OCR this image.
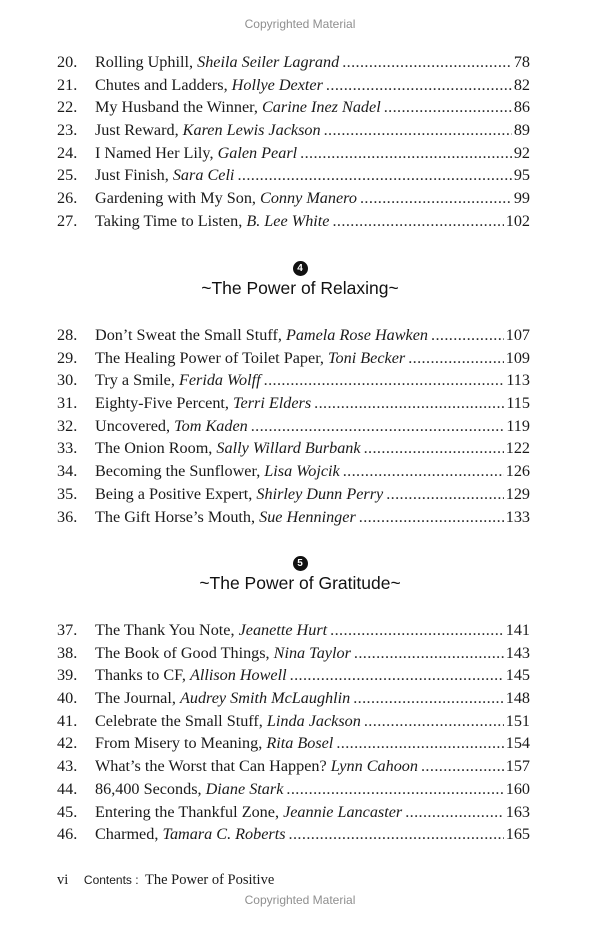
Copyrighted Material
20.	Rolling Uphill, Sheila Seiler Lagrand .....	78
21.	Chutes and Ladders, Hollye Dexter .....	82
22.	My Husband the Winner, Carine Inez Nadel .....	86
23.	Just Reward, Karen Lewis Jackson .....	89
24.	I Named Her Lily, Galen Pearl .....	92
25.	Just Finish, Sara Celi .....	95
26.	Gardening with My Son, Conny Manero .....	99
27.	Taking Time to Listen, B. Lee White .....	102
4
~The Power of Relaxing~
28.	Don’t Sweat the Small Stuff, Pamela Rose Hawken .....	107
29.	The Healing Power of Toilet Paper, Toni Becker .....	109
30.	Try a Smile, Ferida Wolff .....	113
31.	Eighty-Five Percent, Terri Elders .....	115
32.	Uncovered, Tom Kaden .....	119
33.	The Onion Room, Sally Willard Burbank .....	122
34.	Becoming the Sunflower, Lisa Wojcik .....	126
35.	Being a Positive Expert, Shirley Dunn Perry .....	129
36.	The Gift Horse’s Mouth, Sue Henninger .....	133
5
~The Power of Gratitude~
37.	The Thank You Note, Jeanette Hurt .....	141
38.	The Book of Good Things, Nina Taylor .....	143
39.	Thanks to CF, Allison Howell .....	145
40.	The Journal, Audrey Smith McLaughlin .....	148
41.	Celebrate the Small Stuff, Linda Jackson .....	151
42.	From Misery to Meaning, Rita Bosel .....	154
43.	What’s the Worst that Can Happen? Lynn Cahoon .....	157
44.	86,400 Seconds, Diane Stark .....	160
45.	Entering the Thankful Zone, Jeannie Lancaster .....	163
46.	Charmed, Tamara C. Roberts .....	165
vi Contents : The Power of Positive
Copyrighted Material
